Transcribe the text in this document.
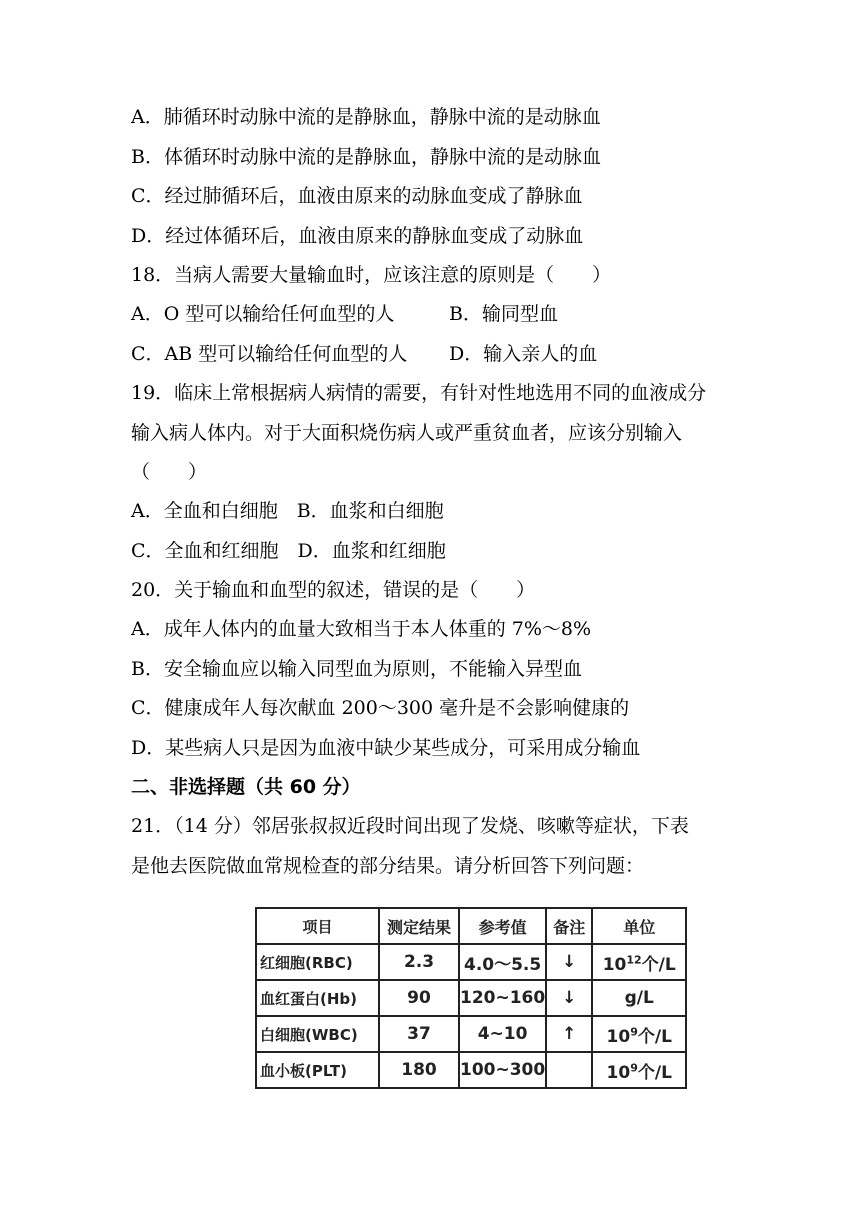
A．肺循环时动脉中流的是静脉血，静脉中流的是动脉血
B．体循环时动脉中流的是静脉血，静脉中流的是动脉血
C．经过肺循环后，血液由原来的动脉血变成了静脉血
D．经过体循环后，血液由原来的静脉血变成了动脉血
18．当病人需要大量输血时，应该注意的原则是（　　）
A．O 型可以输给任何血型的人	B．输同型血
C．AB 型可以输给任何血型的人 D．输入亲人的血
19．临床上常根据病人病情的需要，有针对性地选用不同的血液成分
输入病人体内。对于大面积烧伤病人或严重贫血者，应该分别输入
（　　）
A．全血和白细胞　B．血浆和白细胞
C．全血和红细胞　D．血浆和红细胞
20．关于输血和血型的叙述，错误的是（　　）
A．成年人体内的血量大致相当于本人体重的 7%～8%
B．安全输血应以输入同型血为原则，不能输入异型血
C．健康成年人每次献血 200～300 毫升是不会影响健康的
D．某些病人只是因为血液中缺少某些成分，可采用成分输血
二、非选择题（共 60 分）
21．（14 分）邻居张叔叔近段时间出现了发烧、咳嗽等症状，下表
是他去医院做血常规检查的部分结果。请分析回答下列问题：
项目	测定结果	参考值	备注	单位
红细胞(RBC)	2.3	4.0～5.5	↓	$10^{12}$个/L
血红蛋白(Hb)	90	120~160	↓	g/L
白细胞(WBC)	37	4~10	↑	$10^9$个/L
血小板(PLT)	180	100~300		$10^9$个/L
